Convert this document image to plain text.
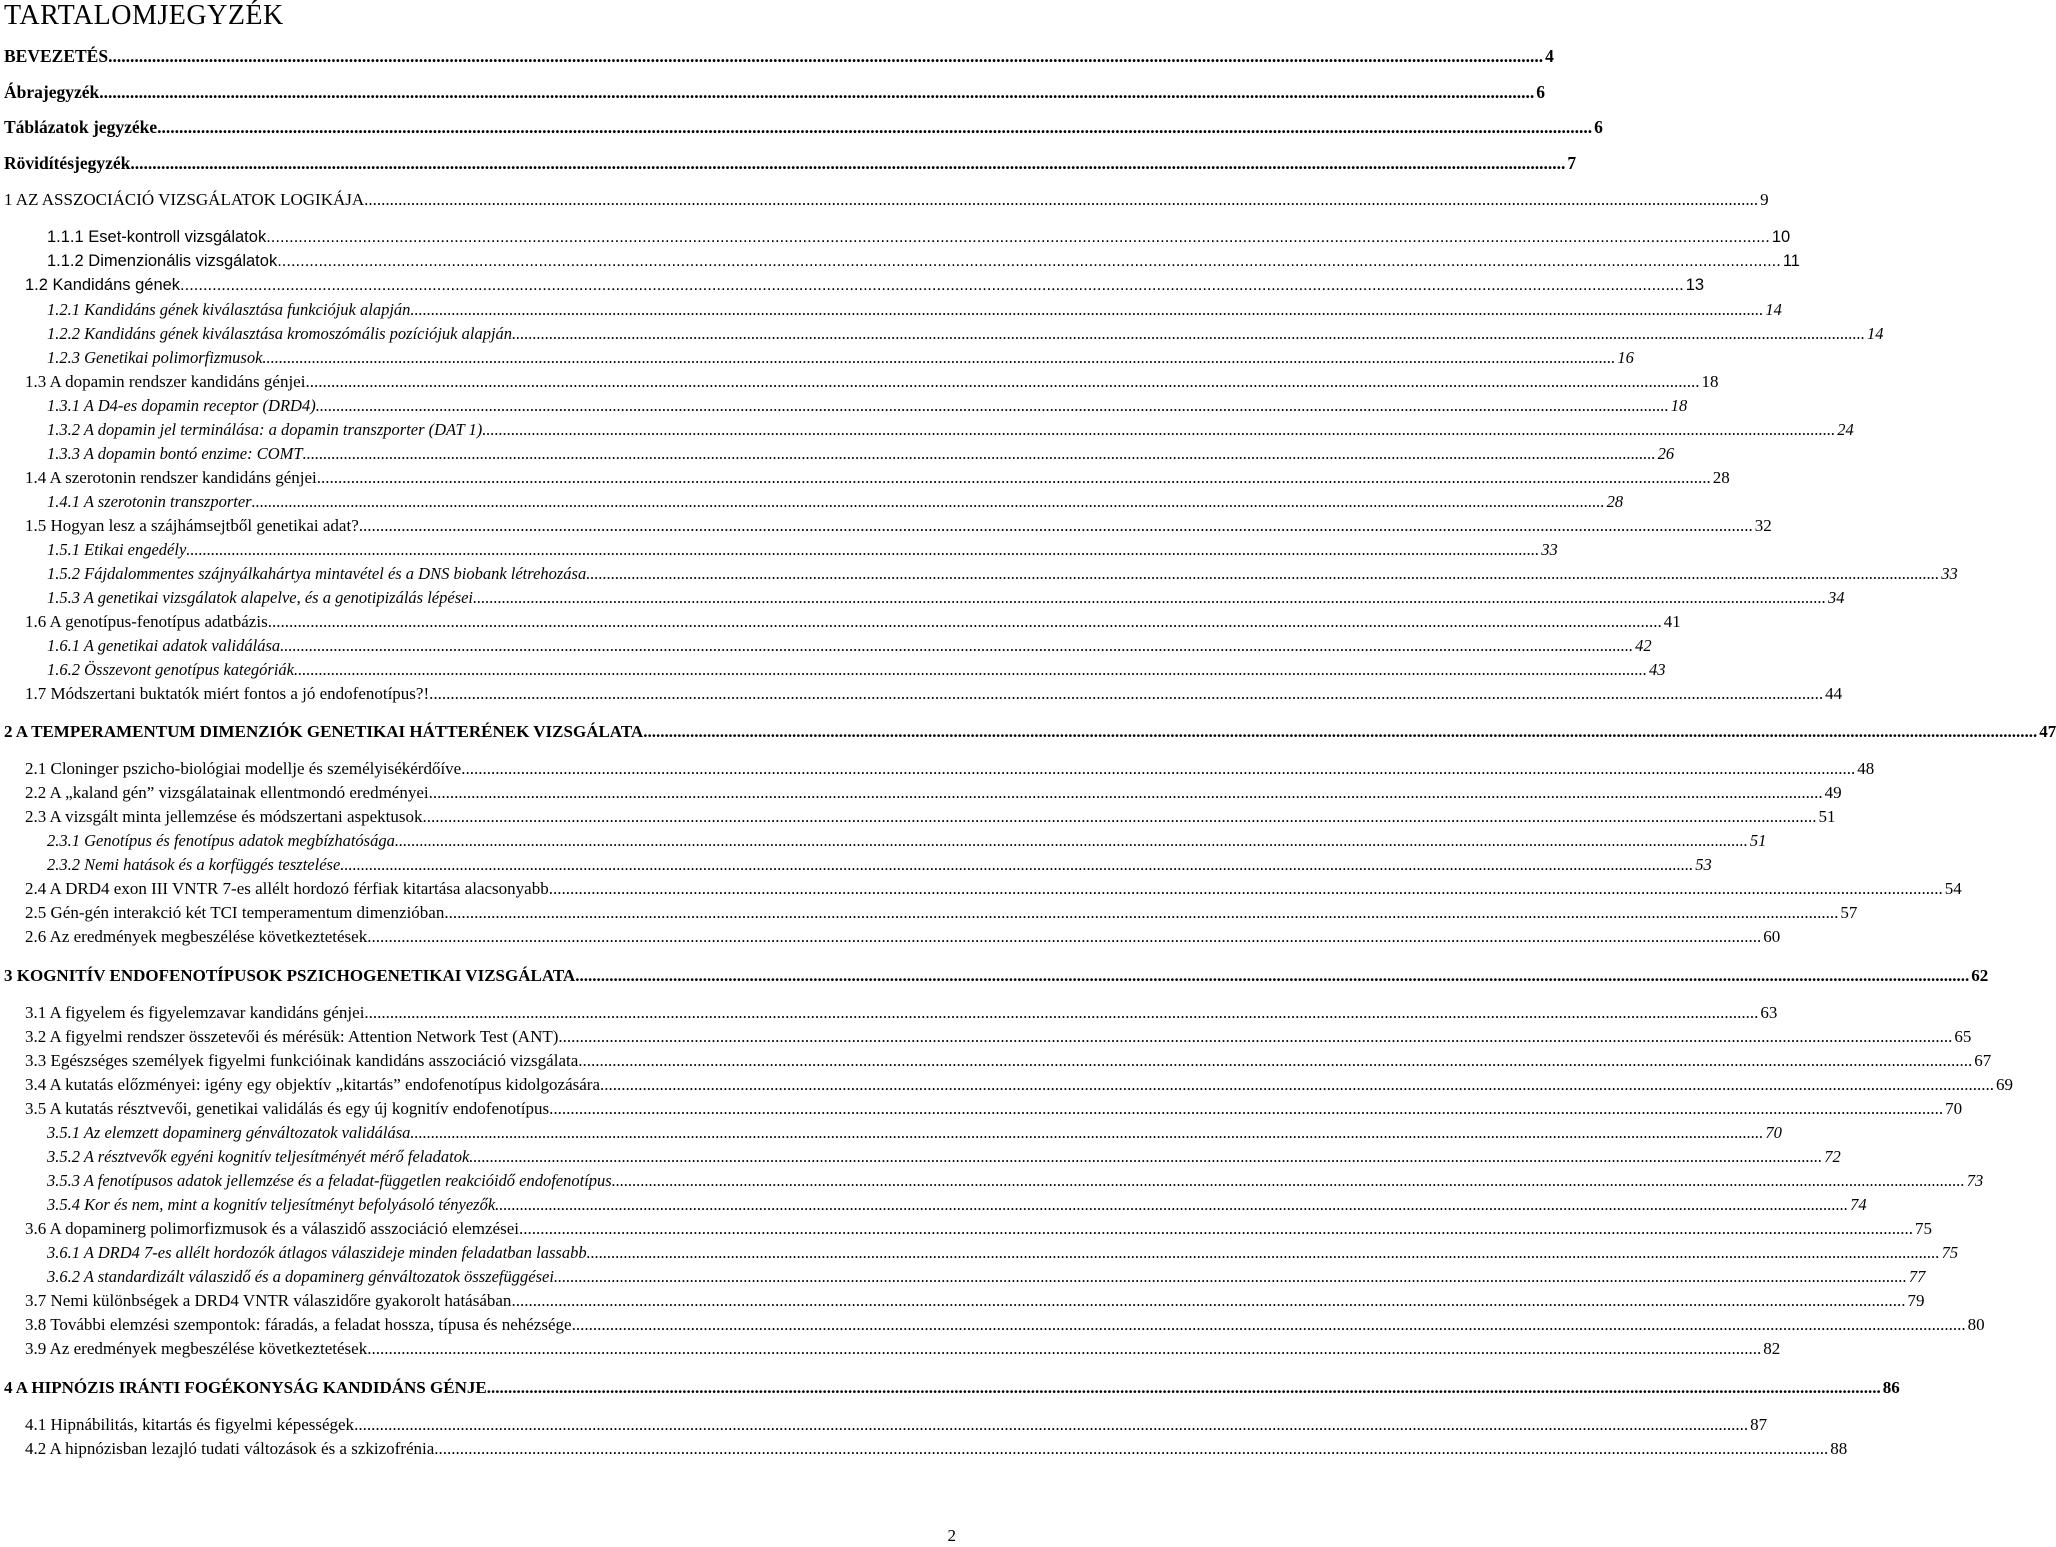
TARTALOMJEGYZÉK
BEVEZETÉS .....	4
Ábrajegyzék .....	6
Táblázatok jegyzéke .....	6
Rövidítésjegyzék .....	7
1 AZ ASSZOCIÁCIÓ VIZSGÁLATOK LOGIKÁJA .....	9
1.1.1 Eset-kontroll vizsgálatok .....	10
1.1.2 Dimenzionális vizsgálatok .....	11
1.2 Kandidáns gének .....	13
1.2.1 Kandidáns gének kiválasztása funkciójuk alapján .....	14
1.2.2 Kandidáns gének kiválasztása kromoszómális pozíciójuk alapján .....	14
1.2.3 Genetikai polimorfizmusok .....	16
1.3 A dopamin rendszer kandidáns génjei .....	18
1.3.1 A D4-es dopamin receptor (DRD4) .....	18
1.3.2 A dopamin jel terminálása: a dopamin transzporter (DAT 1) .....	24
1.3.3 A dopamin bontó enzime: COMT .....	26
1.4 A szerotonin rendszer kandidáns génjei .....	28
1.4.1 A szerotonin transzporter .....	28
1.5 Hogyan lesz a szájhámsejtből genetikai adat? .....	32
1.5.1 Etikai engedély .....	33
1.5.2 Fájdalommentes szájnyálkahártya mintavétel és a DNS biobank létrehozása .....	33
1.5.3 A genetikai vizsgálatok alapelve, és a genotipizálás lépései .....	34
1.6 A genotípus-fenotípus adatbázis .....	41
1.6.1 A genetikai adatok validálása .....	42
1.6.2 Összevont genotípus kategóriák .....	43
1.7 Módszertani buktatók miért fontos a jó endofenotípus?! .....	44
2 A TEMPERAMENTUM DIMENZIÓK GENETIKAI HÁTTERÉNEK VIZSGÁLATA .....	47
2.1 Cloninger pszicho-biológiai modellje és személyisékérdőíve .....	48
2.2 A „kaland gén” vizsgálatainak ellentmondó eredményei .....	49
2.3 A vizsgált minta jellemzése és módszertani aspektusok .....	51
2.3.1 Genotípus és fenotípus adatok megbízhatósága .....	51
2.3.2 Nemi hatások és a korfüggés tesztelése .....	53
2.4 A DRD4 exon III VNTR 7-es allélt hordozó férfiak kitartása alacsonyabb .....	54
2.5 Gén-gén interakció két TCI temperamentum dimenzióban .....	57
2.6 Az eredmények megbeszélése következtetések .....	60
3 KOGNITÍV ENDOFENOTÍPUSOK PSZICHOGENETIKAI VIZSGÁLATA .....	62
3.1 A figyelem és figyelemzavar kandidáns génjei .....	63
3.2 A figyelmi rendszer összetevői és mérésük: Attention Network Test (ANT) .....	65
3.3 Egészséges személyek figyelmi funkcióinak kandidáns asszociáció vizsgálata .....	67
3.4 A kutatás előzményei: igény egy objektív „kitartás” endofenotípus kidolgozására .....	69
3.5 A kutatás résztvevői, genetikai validálás és egy új kognitív endofenotípus .....	70
3.5.1 Az elemzett dopaminerg génváltozatok validálása .....	70
3.5.2 A résztvevők egyéni kognitív teljesítményét mérő feladatok .....	72
3.5.3 A fenotípusos adatok jellemzése és a feladat-független reakcióidő endofenotípus .....	73
3.5.4 Kor és nem, mint a kognitív teljesítményt befolyásoló tényezők .....	74
3.6 A dopaminerg polimorfizmusok és a válaszidő asszociáció elemzései .....	75
3.6.1 A DRD4 7-es allélt hordozók átlagos válaszideje minden feladatban lassabb .....	75
3.6.2 A standardizált válaszidő és a dopaminerg génváltozatok összefüggései .....	77
3.7 Nemi különbségek a DRD4 VNTR válaszidőre gyakorolt hatásában .....	79
3.8 További elemzési szempontok: fáradás, a feladat hossza, típusa és nehézsége .....	80
3.9 Az eredmények megbeszélése következtetések .....	82
4 A HIPNÓZIS IRÁNTI FOGÉKONYSÁG KANDIDÁNS GÉNJE .....	86
4.1 Hipnábilitás, kitartás és figyelmi képességek .....	87
4.2 A hipnózisban lezajló tudati változások és a szkizofrénia .....	88
2
